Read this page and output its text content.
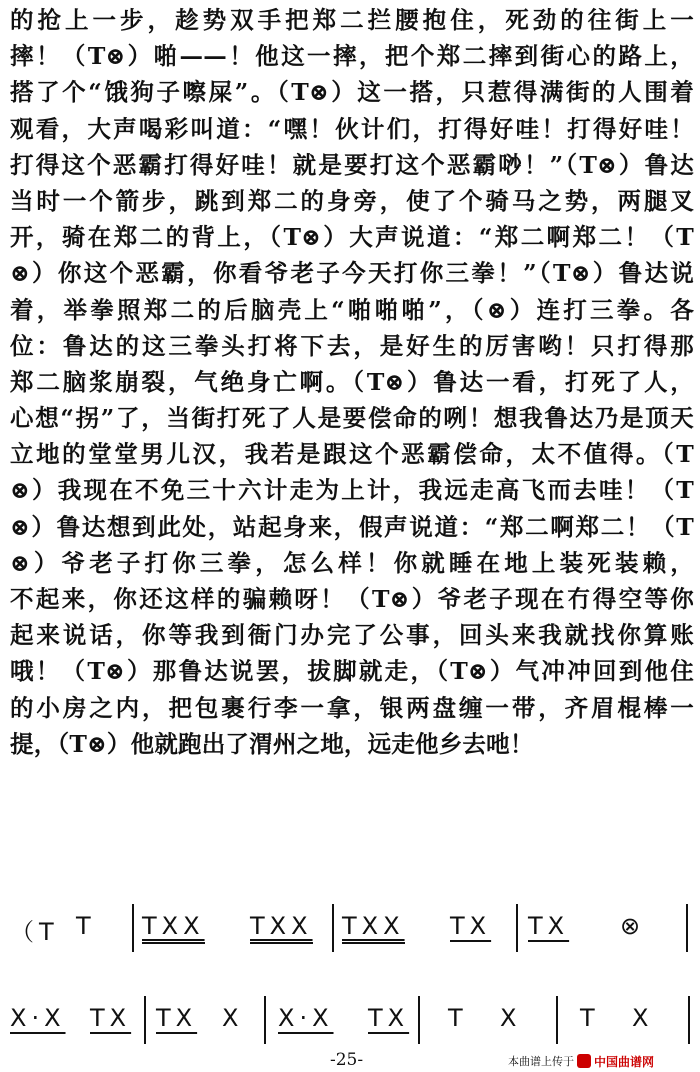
的抢上一步，趁势双手把郑二拦腰抱住，死劲的往街上一
摔！（T⊗）啪——！他这一摔，把个郑二摔到街心的路上，
搭了个“饿狗子嚓屎”。（T⊗）这一搭，只惹得满街的人围着
观看，大声喝彩叫道：“嘿！伙计们，打得好哇！打得好哇！
打得这个恶霸打得好哇！就是要打这个恶霸唦！”（T⊗）鲁达
当时一个箭步，跳到郑二的身旁，使了个骑马之势，两腿叉
开，骑在郑二的背上，（T⊗）大声说道：“郑二啊郑二！（T
⊗）你这个恶霸，你看爷老子今天打你三拳！”（T⊗）鲁达说
着，举拳照郑二的后脑壳上“啪啪啪”，（⊗）连打三拳。各
位：鲁达的这三拳头打将下去，是好生的厉害哟！只打得那
郑二脑浆崩裂，气绝身亡啊。（T⊗）鲁达一看，打死了人，
心想“拐”了，当街打死了人是要偿命的咧！想我鲁达乃是顶天
立地的堂堂男儿汉，我若是跟这个恶霸偿命，太不值得。（T
⊗）我现在不免三十六计走为上计，我远走高飞而去哇！（T
⊗）鲁达想到此处，站起身来，假声说道：“郑二啊郑二！（T
⊗）爷老子打你三拳，怎么样！你就睡在地上装死装赖，
不起来，你还这样的骗赖呀！（T⊗）爷老子现在冇得空等你
起来说话，你等我到衙门办完了公事，回头来我就找你算账
哦！（T⊗）那鲁达说罢，拔脚就走，（T⊗）气冲冲回到他住
的小房之内，把包裹行李一拿，银两盘缠一带，齐眉棍棒一
提，（T⊗）他就跑出了渭州之地，远走他乡去吔！
（T T TXX TXX TXX TX TX ⊗
X·X TX TX X X·X TX T X T X
-25-	本曲谱上传于 中国曲谱网
